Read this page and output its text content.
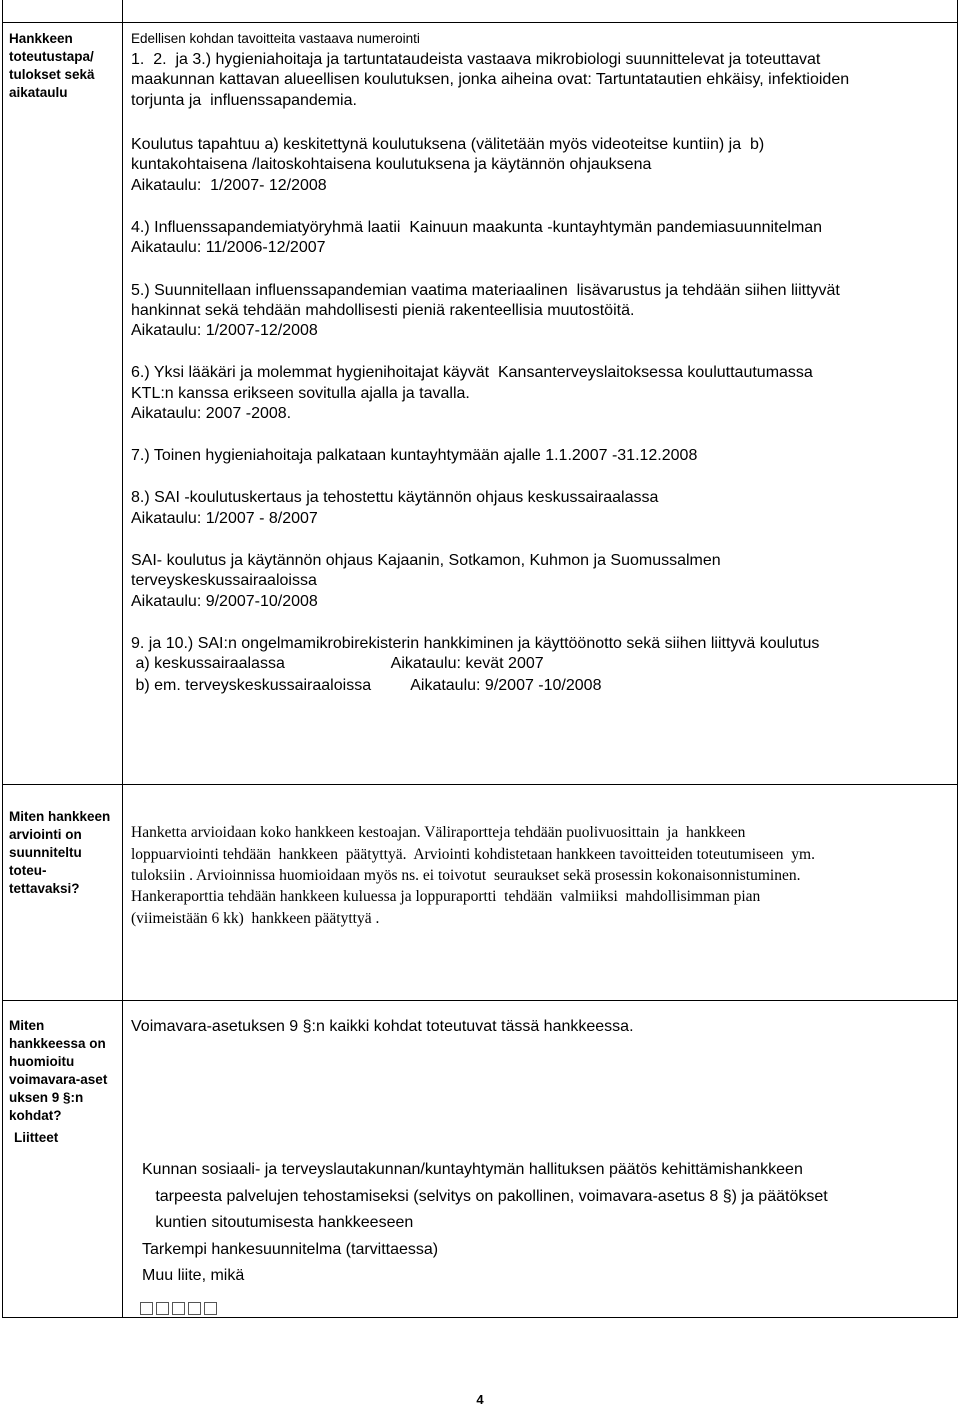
Hankkeen toteutustapa/ tulokset sekä aikataulu
Edellisen kohdan tavoitteita vastaava numerointi
1.  2.  ja 3.) hygieniahoitaja ja tartuntataudeista vastaava mikrobiologi suunnittelevat ja toteuttavat
maakunnan kattavan alueellisen koulutuksen, jonka aiheina ovat: Tartuntatautien ehkäisy, infektioiden
torjunta ja  influenssapandemia.
Koulutus tapahtuu a) keskitettynä koulutuksena (välitetään myös videoteitse kuntiin) ja  b)
kuntakohtaisena /laitoskohtaisena koulutuksena ja käytännön ohjauksena
Aikataulu:  1/2007- 12/2008
4.) Influenssapandemiatyöryhmä laatii  Kainuun maakunta -kuntayhtymän pandemiasuunnitelman
Aikataulu: 11/2006-12/2007
5.) Suunnitellaan influenssapandemian vaatima materiaalinen  lisävarustus ja tehdään siihen liittyvät
hankinnat sekä tehdään mahdollisesti pieniä rakenteellisia muutostöitä.
Aikataulu: 1/2007-12/2008
6.) Yksi lääkäri ja molemmat hygienihoitajat käyvät  Kansanterveyslaitoksessa kouluttautumassa
KTL:n kanssa erikseen sovitulla ajalla ja tavalla.
Aikataulu: 2007 -2008.
7.) Toinen hygieniahoitaja palkataan kuntayhtymään ajalle 1.1.2007 -31.12.2008
8.) SAI -koulutuskertaus ja tehostettu käytännön ohjaus keskussairaalassa
Aikataulu: 1/2007 - 8/2007
SAI- koulutus ja käytännön ohjaus Kajaanin, Sotkamon, Kuhmon ja Suomussalmen
terveyskeskussairaaloissa
Aikataulu: 9/2007-10/2008
9. ja 10.) SAI:n ongelmamikrobirekisterin hankkiminen ja käyttöönotto sekä siihen liittyvä koulutus
a) keskussairaalassa                        Aikataulu: kevät 2007
b) em. terveyskeskussairaaloissa         Aikataulu: 9/2007 -10/2008
Miten hankkeen arviointi on suunniteltu toteu- tettavaksi?
Hanketta arvioidaan koko hankkeen kestoajan. Väliraportteja tehdään puolivuosittain  ja  hankkeen
loppuarviointi tehdään  hankkeen  päätyttyä.  Arviointi kohdistetaan hankkeen tavoitteiden toteutumiseen  ym.
tuloksiin . Arvioinnissa huomioidaan myös ns. ei toivotut  seuraukset sekä prosessin kokonaisonnistuminen.
Hankeraporttia tehdään hankkeen kuluessa ja loppuraportti  tehdään  valmiiksi  mahdollisimman pian
(viimeistään 6 kk)  hankkeen päätyttyä .
Miten hankkeessa on huomioitu voimavara-aset uksen 9 §:n kohdat?
Voimavara-asetuksen 9 §:n kaikki kohdat toteutuvat tässä hankkeessa.
Liitteet
Kunnan sosiaali- ja terveyslautakunnan/kuntayhtymän hallituksen päätös kehittämishankkeen
tarpeesta palvelujen tehostamiseksi (selvitys on pakollinen, voimavara-asetus 8 §) ja päätökset
kuntien sitoutumisesta hankkeeseen
Tarkempi hankesuunnitelma (tarvittaessa)
Muu liite, mikä
4
